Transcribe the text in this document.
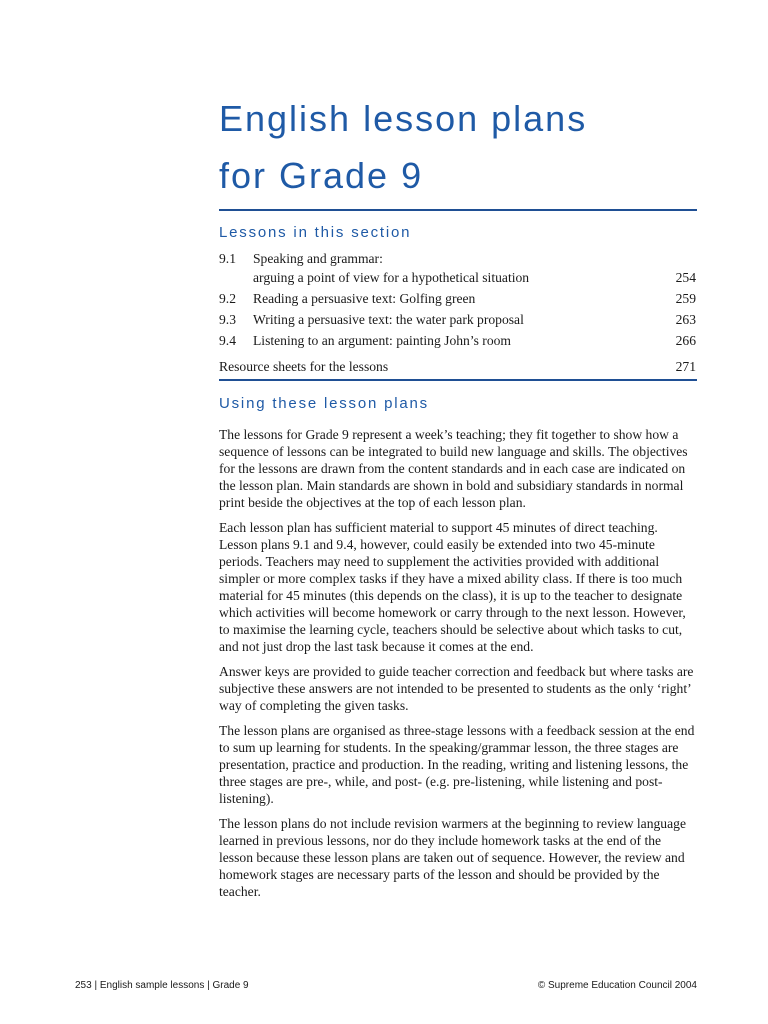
English lesson plans
for Grade 9
Lessons in this section
9.1 Speaking and grammar:
arguing a point of view for a hypothetical situation	254
9.2 Reading a persuasive text: Golfing green	259
9.3 Writing a persuasive text: the water park proposal	263
9.4 Listening to an argument: painting John’s room	266
Resource sheets for the lessons	271
Using these lesson plans

The lessons for Grade 9 represent a week’s teaching; they fit together to show how a sequence of lessons can be integrated to build new language and skills. The objectives for the lessons are drawn from the content standards and in each case are indicated on the lesson plan. Main standards are shown in bold and subsidiary standards in normal print beside the objectives at the top of each lesson plan.

Each lesson plan has sufficient material to support 45 minutes of direct teaching. Lesson plans 9.1 and 9.4, however, could easily be extended into two 45-minute periods. Teachers may need to supplement the activities provided with additional simpler or more complex tasks if they have a mixed ability class. If there is too much material for 45 minutes (this depends on the class), it is up to the teacher to designate which activities will become homework or carry through to the next lesson. However, to maximise the learning cycle, teachers should be selective about which tasks to cut, and not just drop the last task because it comes at the end.

Answer keys are provided to guide teacher correction and feedback but where tasks are subjective these answers are not intended to be presented to students as the only ‘right’ way of completing the given tasks.

The lesson plans are organised as three-stage lessons with a feedback session at the end to sum up learning for students. In the speaking/grammar lesson, the three stages are presentation, practice and production. In the reading, writing and listening lessons, the three stages are pre-, while, and post- (e.g. pre-listening, while listening and post-listening).

The lesson plans do not include revision warmers at the beginning to review language learned in previous lessons, nor do they include homework tasks at the end of the lesson because these lesson plans are taken out of sequence. However, the review and homework stages are necessary parts of the lesson and should be provided by the teacher.

253 | English sample lessons | Grade 9	© Supreme Education Council 2004
